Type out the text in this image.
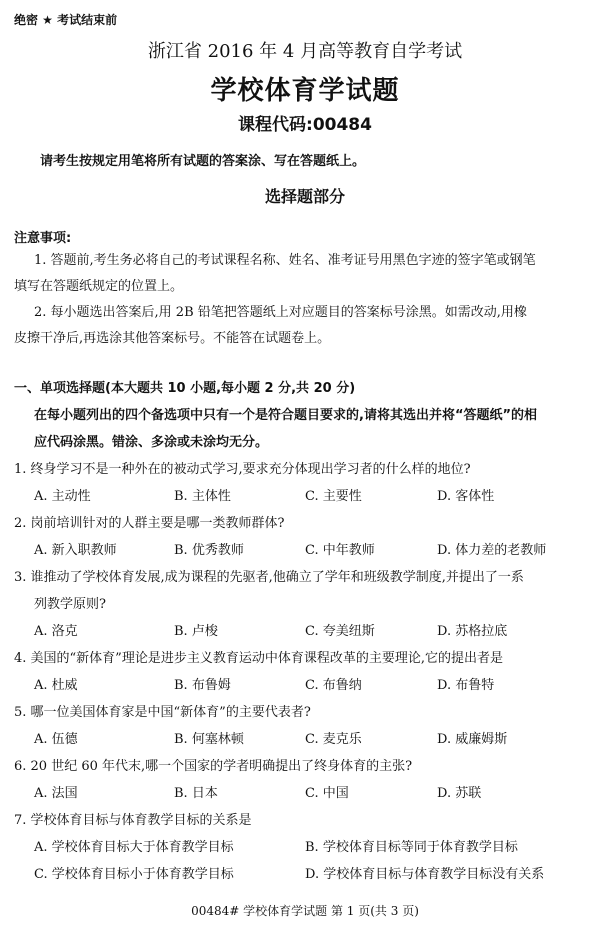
绝密 ★ 考试结束前
浙江省 2016 年 4 月高等教育自学考试
学校体育学试题
课程代码:00484
请考生按规定用笔将所有试题的答案涂、写在答题纸上。
选择题部分
注意事项:
1. 答题前,考生务必将自己的考试课程名称、姓名、准考证号用黑色字迹的签字笔或钢笔
填写在答题纸规定的位置上。
2. 每小题选出答案后,用 2B 铅笔把答题纸上对应题目的答案标号涂黑。如需改动,用橡
皮擦干净后,再选涂其他答案标号。不能答在试题卷上。
一、单项选择题(本大题共 10 小题,每小题 2 分,共 20 分)
在每小题列出的四个备选项中只有一个是符合题目要求的,请将其选出并将“答题纸”的相
应代码涂黑。错涂、多涂或未涂均无分。
1. 终身学习不是一种外在的被动式学习,要求充分体现出学习者的什么样的地位?
A. 主动性	B. 主体性	C. 主要性	D. 客体性
2. 岗前培训针对的人群主要是哪一类教师群体?
A. 新入职教师	B. 优秀教师	C. 中年教师	D. 体力差的老教师
3. 谁推动了学校体育发展,成为课程的先驱者,他确立了学年和班级教学制度,并提出了一系
列教学原则?
A. 洛克	B. 卢梭	C. 夸美纽斯	D. 苏格拉底
4. 美国的“新体育”理论是进步主义教育运动中体育课程改革的主要理论,它的提出者是
A. 杜威	B. 布鲁姆	C. 布鲁纳	D. 布鲁特
5. 哪一位美国体育家是中国“新体育”的主要代表者?
A. 伍德	B. 何塞林顿	C. 麦克乐	D. 威廉姆斯
6. 20 世纪 60 年代末,哪一个国家的学者明确提出了终身体育的主张?
A. 法国	B. 日本	C. 中国	D. 苏联
7. 学校体育目标与体育教学目标的关系是
A. 学校体育目标大于体育教学目标	B. 学校体育目标等同于体育教学目标
C. 学校体育目标小于体育教学目标	D. 学校体育目标与体育教学目标没有关系
00484# 学校体育学试题 第 1 页(共 3 页)
